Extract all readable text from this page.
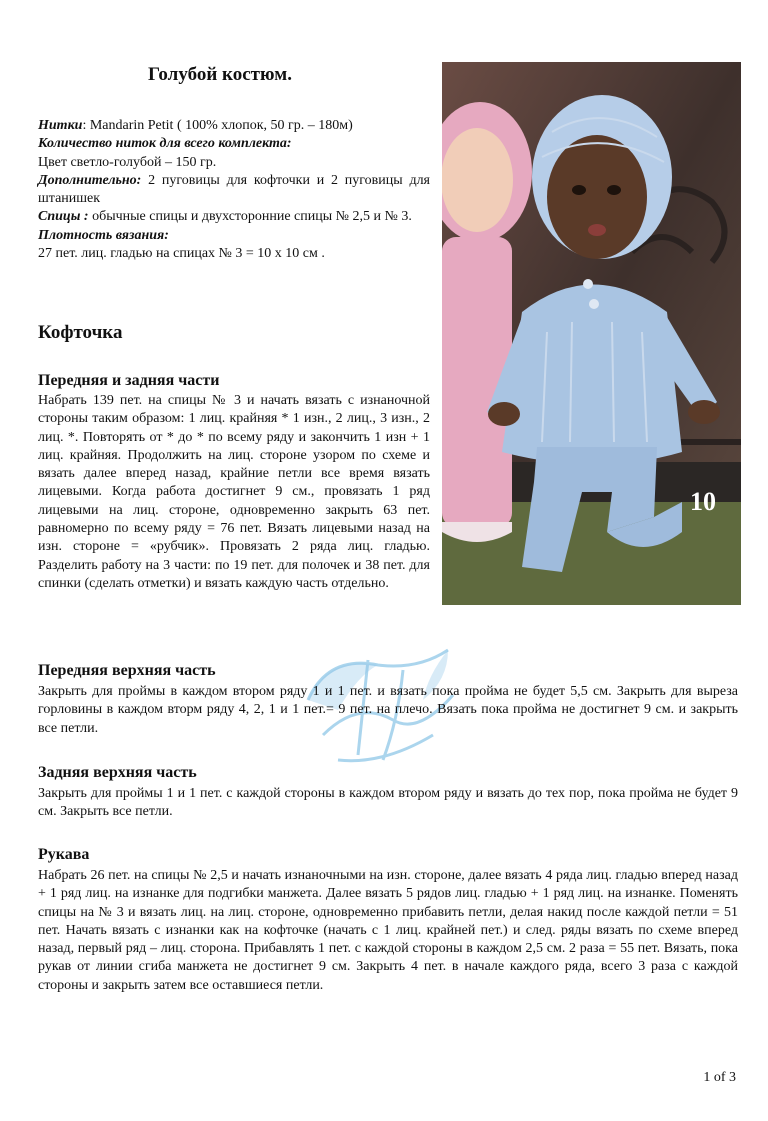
Голубой костюм.

Нитки: Mandarin Petit ( 100% хлопок, 50 гр. – 180м)

Количество ниток для всего комплекта:

Цвет светло-голубой – 150 гр.

Дополнительно: 2 пуговицы для кофточки и 2 пуговицы для штанишек

Спицы : обычные спицы и двухсторонние спицы № 2,5 и № 3.

Плотность вязания:

27 пет. лиц. гладью на спицах № 3 = 10 х 10 см .

10
Кофточка
Передняя и задняя части
Набрать 139 пет. на спицы № 3 и начать вязать с изнаночной стороны таким образом: 1 лиц. крайняя * 1 изн., 2 лиц., 3 изн., 2 лиц. *. Повторять от * до * по всему ряду и закончить 1 изн + 1 лиц. крайняя. Продолжить на лиц. стороне узором по схеме и вязать далее вперед назад, крайние петли все время вязать лицевыми. Когда работа достигнет 9 см., провязать 1 ряд лицевыми на лиц. стороне, одновременно закрыть 63 пет. равномерно по всему ряду = 76 пет. Вязать лицевыми назад на изн. стороне = «рубчик». Провязать 2 ряда лиц. гладью. Разделить работу на 3 части: по 19 пет. для полочек и 38 пет. для спинки (сделать отметки) и вязать каждую часть отдельно.
Передняя верхняя часть
Закрыть для проймы в каждом втором ряду 1 и 1 пет. и вязать пока пройма не будет 5,5 см. Закрыть для выреза горловины в каждом вторм ряду 4, 2, 1 и 1 пет.= 9 пет. на плечо. Вязать пока пройма не достигнет 9 см. и закрыть все петли.
Задняя верхняя часть
Закрыть для проймы 1 и 1 пет. с каждой стороны в каждом втором ряду и вязать до тех пор, пока пройма не будет 9 см. Закрыть все петли.
Рукава
Набрать 26 пет. на спицы № 2,5 и начать изнаночными на изн. стороне, далее вязать 4 ряда лиц. гладью вперед назад + 1 ряд лиц. на изнанке для подгибки манжета. Далее вязать 5 рядов лиц. гладью + 1 ряд лиц. на изнанке. Поменять спицы на № 3 и вязать лиц. на лиц. стороне, одновременно прибавить петли, делая накид после каждой петли = 51 пет. Начать вязать с изнанки как на кофточке (начать с 1 лиц. крайней пет.) и след. ряды вязать по схеме вперед назад, первый ряд – лиц. сторона. Прибавлять 1 пет. с каждой стороны в каждом 2,5 см. 2 раза = 55 пет. Вязать, пока рукав от линии сгиба манжета не достигнет 9 см. Закрыть 4 пет. в начале каждого ряда, всего 3 раза с каждой стороны и закрыть затем все оставшиеся петли.
1 of 3
